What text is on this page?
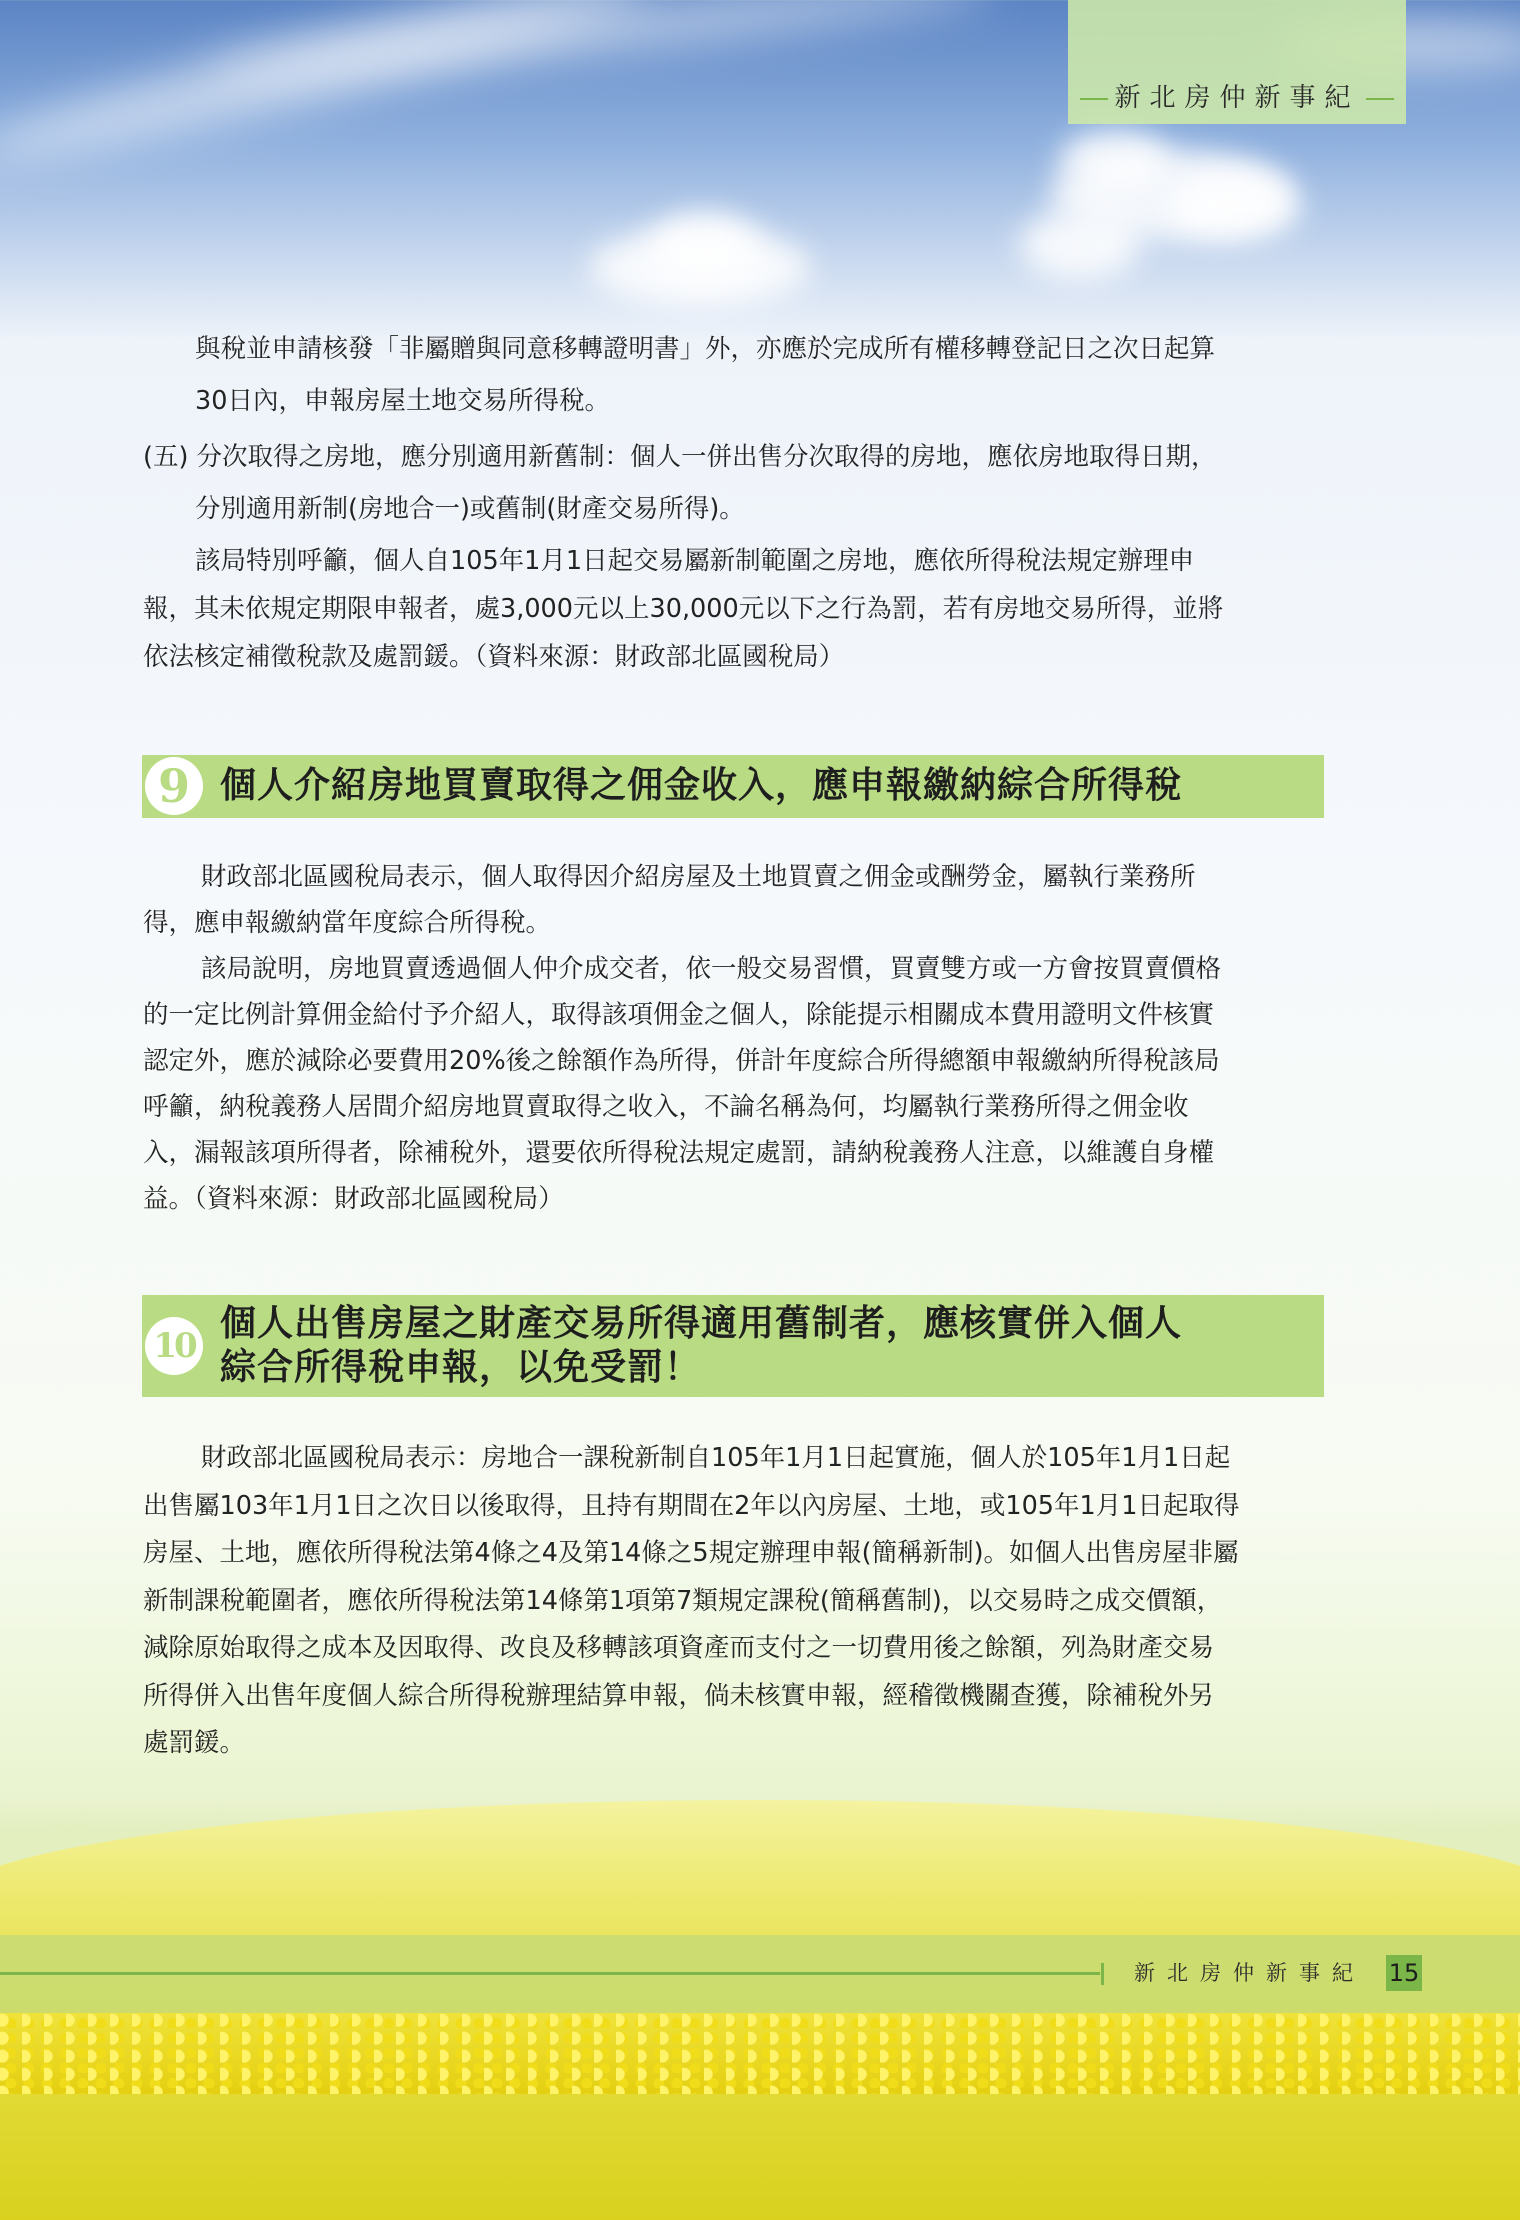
新北房仲新事紀
與稅並申請核發「非屬贈與同意移轉證明書」外，亦應於完成所有權移轉登記日之次日起算
30日內，申報房屋土地交易所得稅。
(五) 分次取得之房地，應分別適用新舊制：個人一併出售分次取得的房地，應依房地取得日期，
分別適用新制(房地合一)或舊制(財產交易所得)。
該局特別呼籲，個人自105年1月1日起交易屬新制範圍之房地，應依所得稅法規定辦理申
報，其未依規定期限申報者，處3,000元以上30,000元以下之行為罰，若有房地交易所得，並將
依法核定補徵稅款及處罰鍰。（資料來源：財政部北區國稅局）
9 個人介紹房地買賣取得之佣金收入，應申報繳納綜合所得稅
財政部北區國稅局表示，個人取得因介紹房屋及土地買賣之佣金或酬勞金，屬執行業務所
得，應申報繳納當年度綜合所得稅。
該局說明，房地買賣透過個人仲介成交者，依一般交易習慣，買賣雙方或一方會按買賣價格
的一定比例計算佣金給付予介紹人，取得該項佣金之個人，除能提示相關成本費用證明文件核實
認定外，應於減除必要費用20%後之餘額作為所得，併計年度綜合所得總額申報繳納所得稅該局
呼籲，納稅義務人居間介紹房地買賣取得之收入，不論名稱為何，均屬執行業務所得之佣金收
入，漏報該項所得者，除補稅外，還要依所得稅法規定處罰，請納稅義務人注意，以維護自身權
益。（資料來源：財政部北區國稅局）
10
個人出售房屋之財產交易所得適用舊制者，應核實併入個人
綜合所得稅申報，以免受罰！
財政部北區國稅局表示：房地合一課稅新制自105年1月1日起實施，個人於105年1月1日起
出售屬103年1月1日之次日以後取得，且持有期間在2年以內房屋、土地，或105年1月1日起取得
房屋、土地，應依所得稅法第4條之4及第14條之5規定辦理申報(簡稱新制)。如個人出售房屋非屬
新制課稅範圍者，應依所得稅法第14條第1項第7類規定課稅(簡稱舊制)，以交易時之成交價額，
減除原始取得之成本及因取得、改良及移轉該項資產而支付之一切費用後之餘額，列為財產交易
所得併入出售年度個人綜合所得稅辦理結算申報，倘未核實申報，經稽徵機關查獲，除補稅外另
處罰鍰。
新北房仲新事紀 15
